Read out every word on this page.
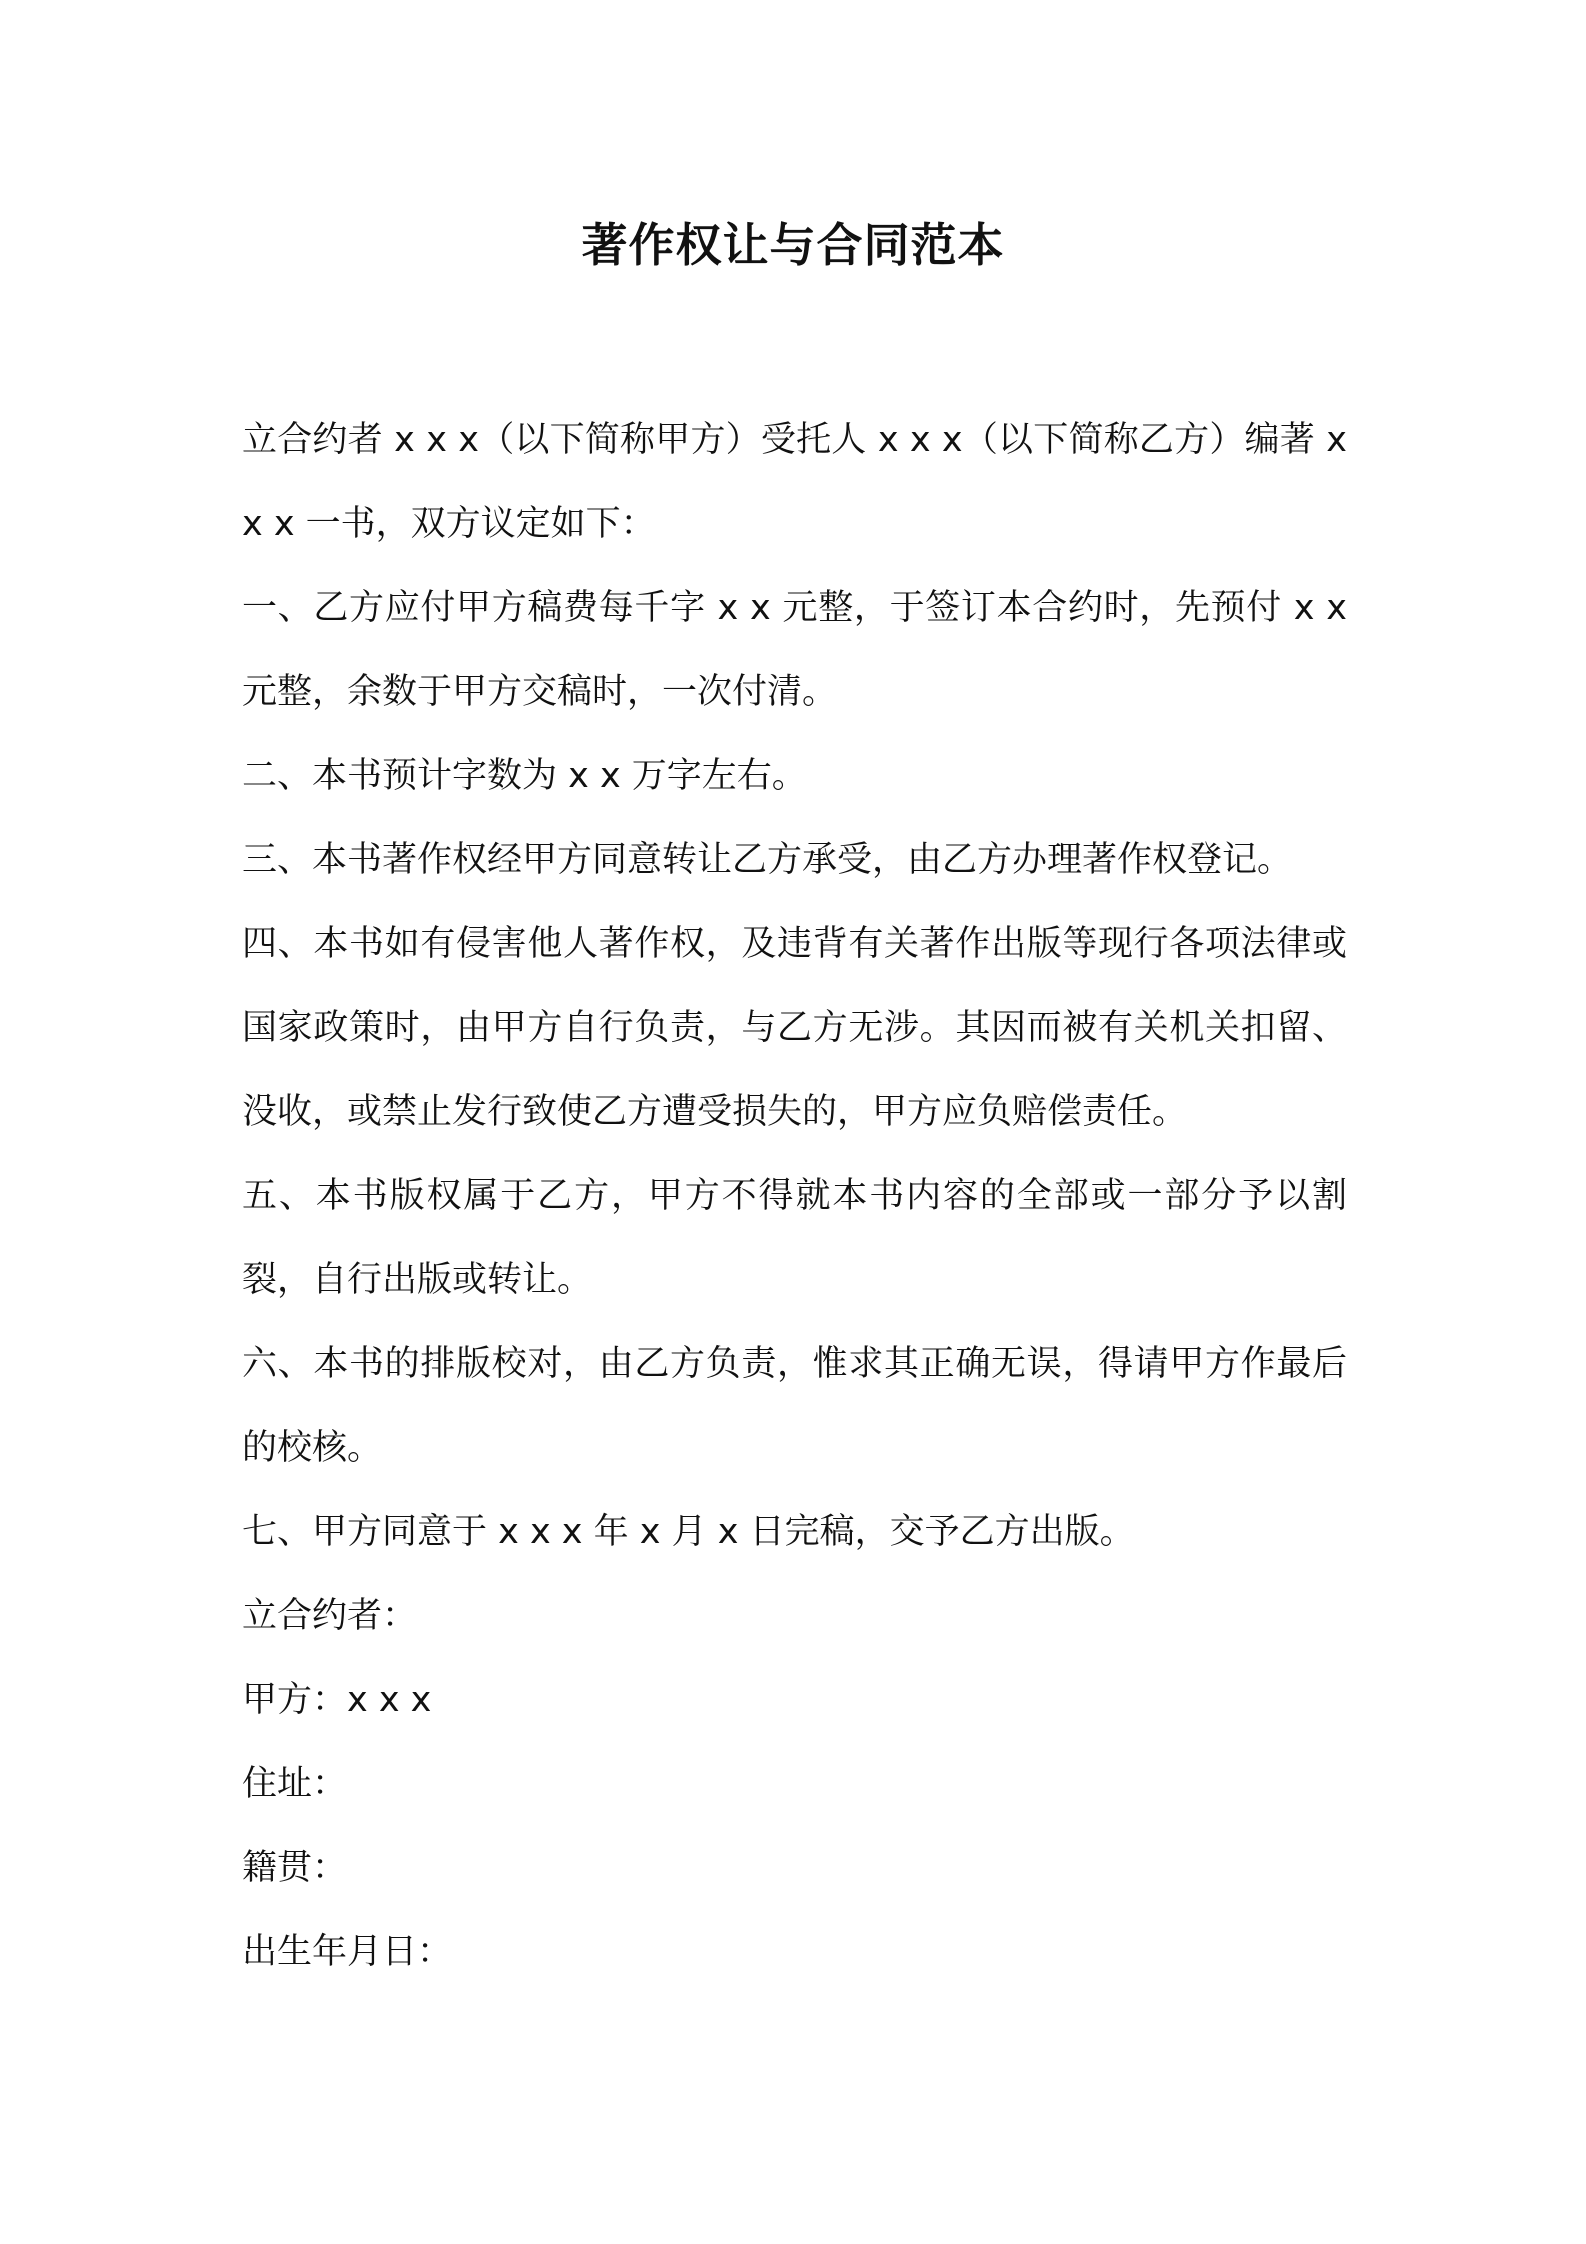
著作权让与合同范本

立合约者 x x x（以下简称甲方）受托人 x x x（以下简称乙方）编著 x x x 一书，双方议定如下：

一、乙方应付甲方稿费每千字 x x 元整，于签订本合约时，先预付 x x 元整，余数于甲方交稿时，一次付清。

二、本书预计字数为 x x 万字左右。

三、本书著作权经甲方同意转让乙方承受，由乙方办理著作权登记。

四、本书如有侵害他人著作权，及违背有关著作出版等现行各项法律或国家政策时，由甲方自行负责，与乙方无涉。其因而被有关机关扣留、没收，或禁止发行致使乙方遭受损失的，甲方应负赔偿责任。

五、本书版权属于乙方，甲方不得就本书内容的全部或一部分予以割裂，自行出版或转让。

六、本书的排版校对，由乙方负责，惟求其正确无误，得请甲方作最后的校核。

七、甲方同意于 x x x 年 x 月 x 日完稿，交予乙方出版。

立合约者：

甲方：x x x

住址：

籍贯：

出生年月日：
